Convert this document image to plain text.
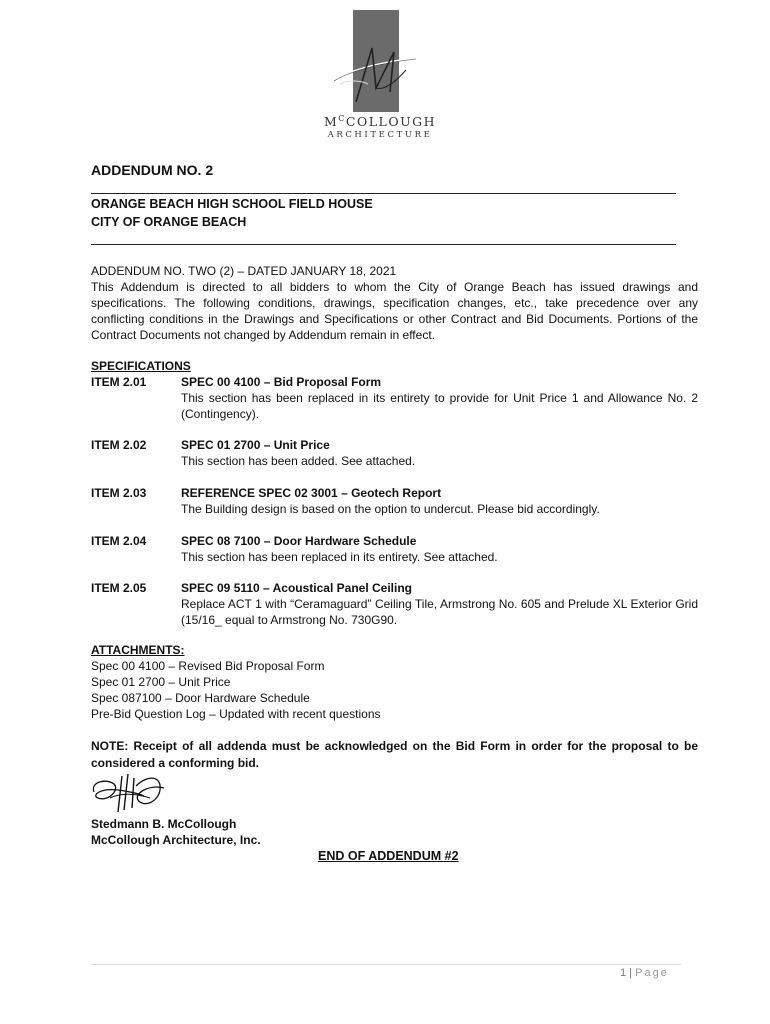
$M^CCOLLOUGH$
ARCHITECTURE
ADDENDUM NO. 2
ORANGE BEACH HIGH SCHOOL FIELD HOUSE
CITY OF ORANGE BEACH

ADDENDUM NO. TWO (2) – DATED JANUARY 18, 2021

This Addendum is directed to all bidders to whom the City of Orange Beach has issued drawings and specifications. The following conditions, drawings, specification changes, etc., take precedence over any conflicting conditions in the Drawings and Specifications or other Contract and Bid Documents. Portions of the Contract Documents not changed by Addendum remain in effect.

SPECIFICATIONS
ITEM 2.01	SPEC 00 4100 – Bid Proposal Form
This section has been replaced in its entirety to provide for Unit Price 1 and Allowance No. 2 (Contingency).
ITEM 2.02	SPEC 01 2700 – Unit Price
This section has been added. See attached.
ITEM 2.03	REFERENCE SPEC 02 3001 – Geotech Report
The Building design is based on the option to undercut. Please bid accordingly.
ITEM 2.04	SPEC 08 7100 – Door Hardware Schedule
This section has been replaced in its entirety. See attached.
ITEM 2.05	SPEC 09 5110 – Acoustical Panel Ceiling
Replace ACT 1 with “Ceramaguard” Ceiling Tile, Armstrong No. 605 and Prelude XL Exterior Grid (15/16_ equal to Armstrong No. 730G90.
ATTACHMENTS:
Spec 00 4100 – Revised Bid Proposal Form
Spec 01 2700 – Unit Price
Spec 087100 – Door Hardware Schedule
Pre-Bid Question Log – Updated with recent questions
NOTE: Receipt of all addenda must be acknowledged on the Bid Form in order for the proposal to be considered a conforming bid.
Stedmann B. McCollough
McCollough Architecture, Inc.
END OF ADDENDUM #2
1 | Page
